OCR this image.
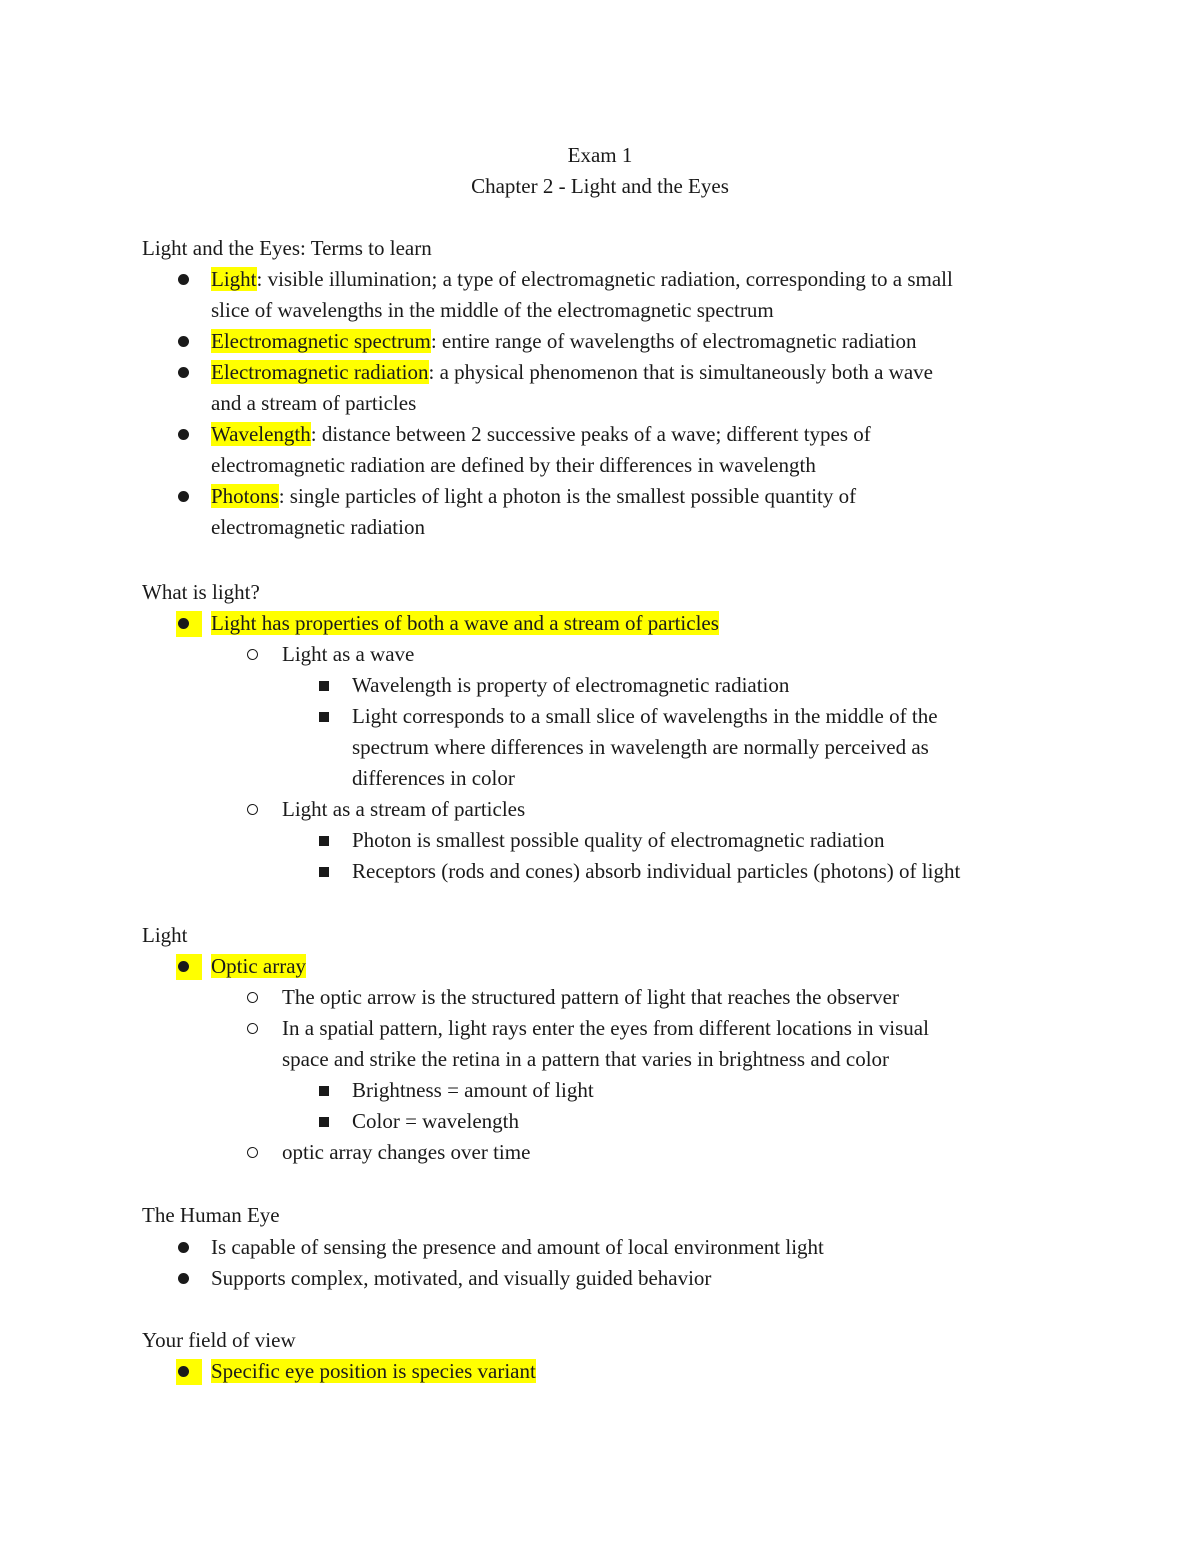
Exam 1
Chapter 2 - Light and the Eyes
Light and the Eyes: Terms to learn
Light: visible illumination; a type of electromagnetic radiation, corresponding to a small
slice of wavelengths in the middle of the electromagnetic spectrum
Electromagnetic spectrum: entire range of wavelengths of electromagnetic radiation
Electromagnetic radiation: a physical phenomenon that is simultaneously both a wave
and a stream of particles
Wavelength: distance between 2 successive peaks of a wave; different types of
electromagnetic radiation are defined by their differences in wavelength
Photons: single particles of light a photon is the smallest possible quantity of
electromagnetic radiation
What is light?
Light has properties of both a wave and a stream of particles
Light as a wave
Wavelength is property of electromagnetic radiation
Light corresponds to a small slice of wavelengths in the middle of the
spectrum where differences in wavelength are normally perceived as
differences in color
Light as a stream of particles
Photon is smallest possible quality of electromagnetic radiation
Receptors (rods and cones) absorb individual particles (photons) of light
Light
Optic array
The optic arrow is the structured pattern of light that reaches the observer
In a spatial pattern, light rays enter the eyes from different locations in visual
space and strike the retina in a pattern that varies in brightness and color
Brightness = amount of light
Color = wavelength
optic array changes over time
The Human Eye
Is capable of sensing the presence and amount of local environment light
Supports complex, motivated, and visually guided behavior
Your field of view
Specific eye position is species variant
